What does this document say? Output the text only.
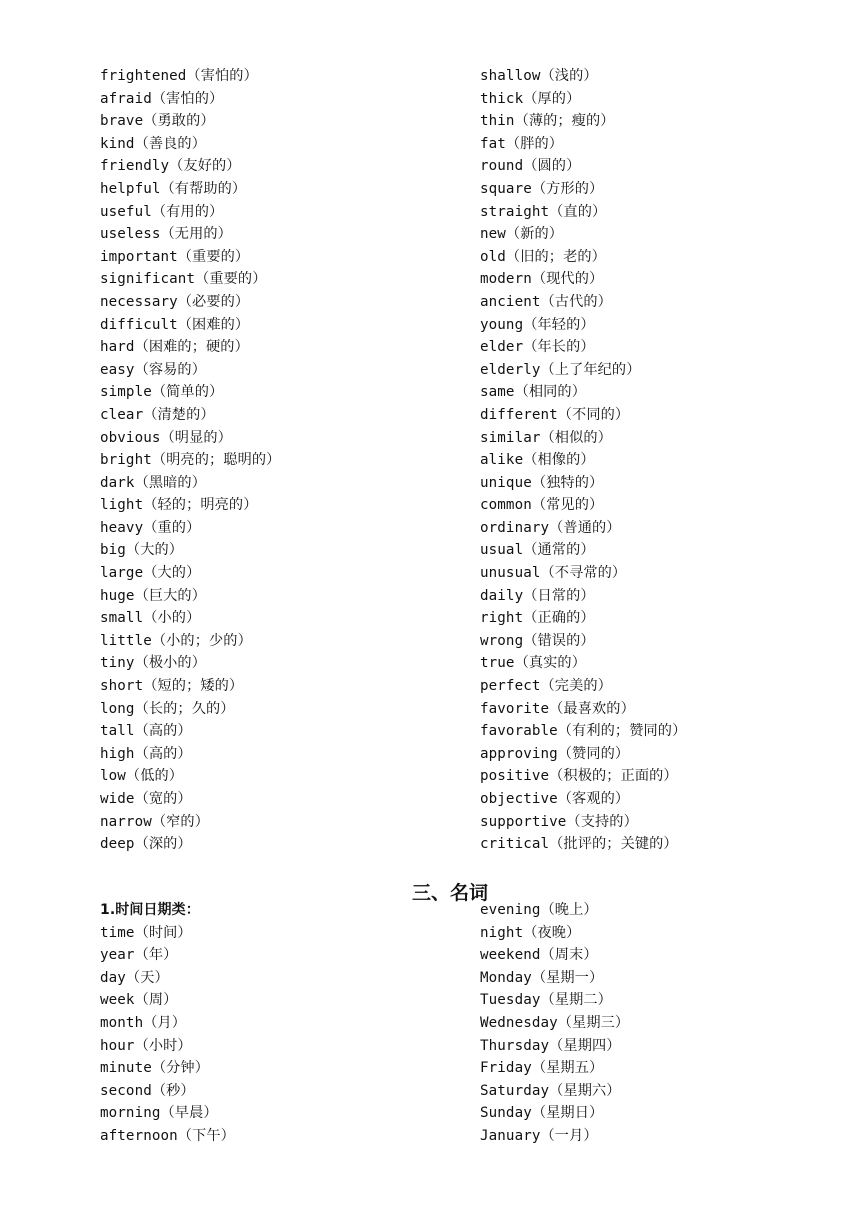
frightened（害怕的）
afraid（害怕的）
brave（勇敢的）
kind（善良的）
friendly（友好的）
helpful（有帮助的）
useful（有用的）
useless（无用的）
important（重要的）
significant（重要的）
necessary（必要的）
difficult（困难的）
hard（困难的；硬的）
easy（容易的）
simple（简单的）
clear（清楚的）
obvious（明显的）
bright（明亮的；聪明的）
dark（黑暗的）
light（轻的；明亮的）
heavy（重的）
big（大的）
large（大的）
huge（巨大的）
small（小的）
little（小的；少的）
tiny（极小的）
short（短的；矮的）
long（长的；久的）
tall（高的）
high（高的）
low（低的）
wide（宽的）
narrow（窄的）
deep（深的）
shallow（浅的）
thick（厚的）
thin（薄的；瘦的）
fat（胖的）
round（圆的）
square（方形的）
straight（直的）
new（新的）
old（旧的；老的）
modern（现代的）
ancient（古代的）
young（年轻的）
elder（年长的）
elderly（上了年纪的）
same（相同的）
different（不同的）
similar（相似的）
alike（相像的）
unique（独特的）
common（常见的）
ordinary（普通的）
usual（通常的）
unusual（不寻常的）
daily（日常的）
right（正确的）
wrong（错误的）
true（真实的）
perfect（完美的）
favorite（最喜欢的）
favorable（有利的；赞同的）
approving（赞同的）
positive（积极的；正面的）
objective（客观的）
supportive（支持的）
critical（批评的；关键的）
三、名词
1.时间日期类：
time（时间）
year（年）
day（天）
week（周）
month（月）
hour（小时）
minute（分钟）
second（秒）
morning（早晨）
afternoon（下午）
evening（晚上）
night（夜晚）
weekend（周末）
Monday（星期一）
Tuesday（星期二）
Wednesday（星期三）
Thursday（星期四）
Friday（星期五）
Saturday（星期六）
Sunday（星期日）
January（一月）
